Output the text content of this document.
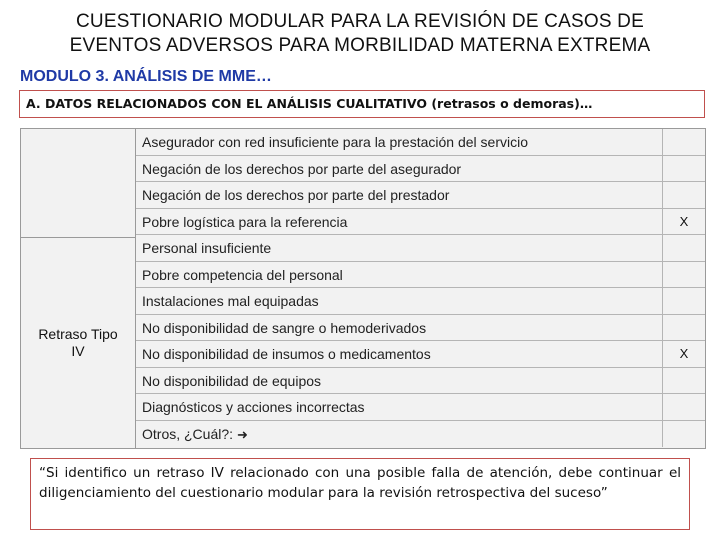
CUESTIONARIO MODULAR PARA LA REVISIÓN DE CASOS DE
EVENTOS ADVERSOS PARA MORBILIDAD MATERNA EXTREMA
MODULO 3. ANÁLISIS DE MME…
A. DATOS RELACIONADOS CON EL ANÁLISIS CUALITATIVO (retrasos o demoras)…
Retraso Tipo
IV
Asegurador con red insuficiente para la prestación del servicio
Negación de los derechos por parte del asegurador
Negación de los derechos por parte del prestador
Pobre logística para la referencia	X
Personal insuficiente
Pobre competencia del personal
Instalaciones mal equipadas
No disponibilidad de sangre o hemoderivados
No disponibilidad de insumos o medicamentos	X
No disponibilidad de equipos
Diagnósticos y acciones incorrectas
Otros, ¿Cuál?: ➜
“Si identifico un retraso IV relacionado con una posible falla de atención, debe continuar el diligenciamiento del cuestionario modular para la revisión retrospectiva del suceso”
